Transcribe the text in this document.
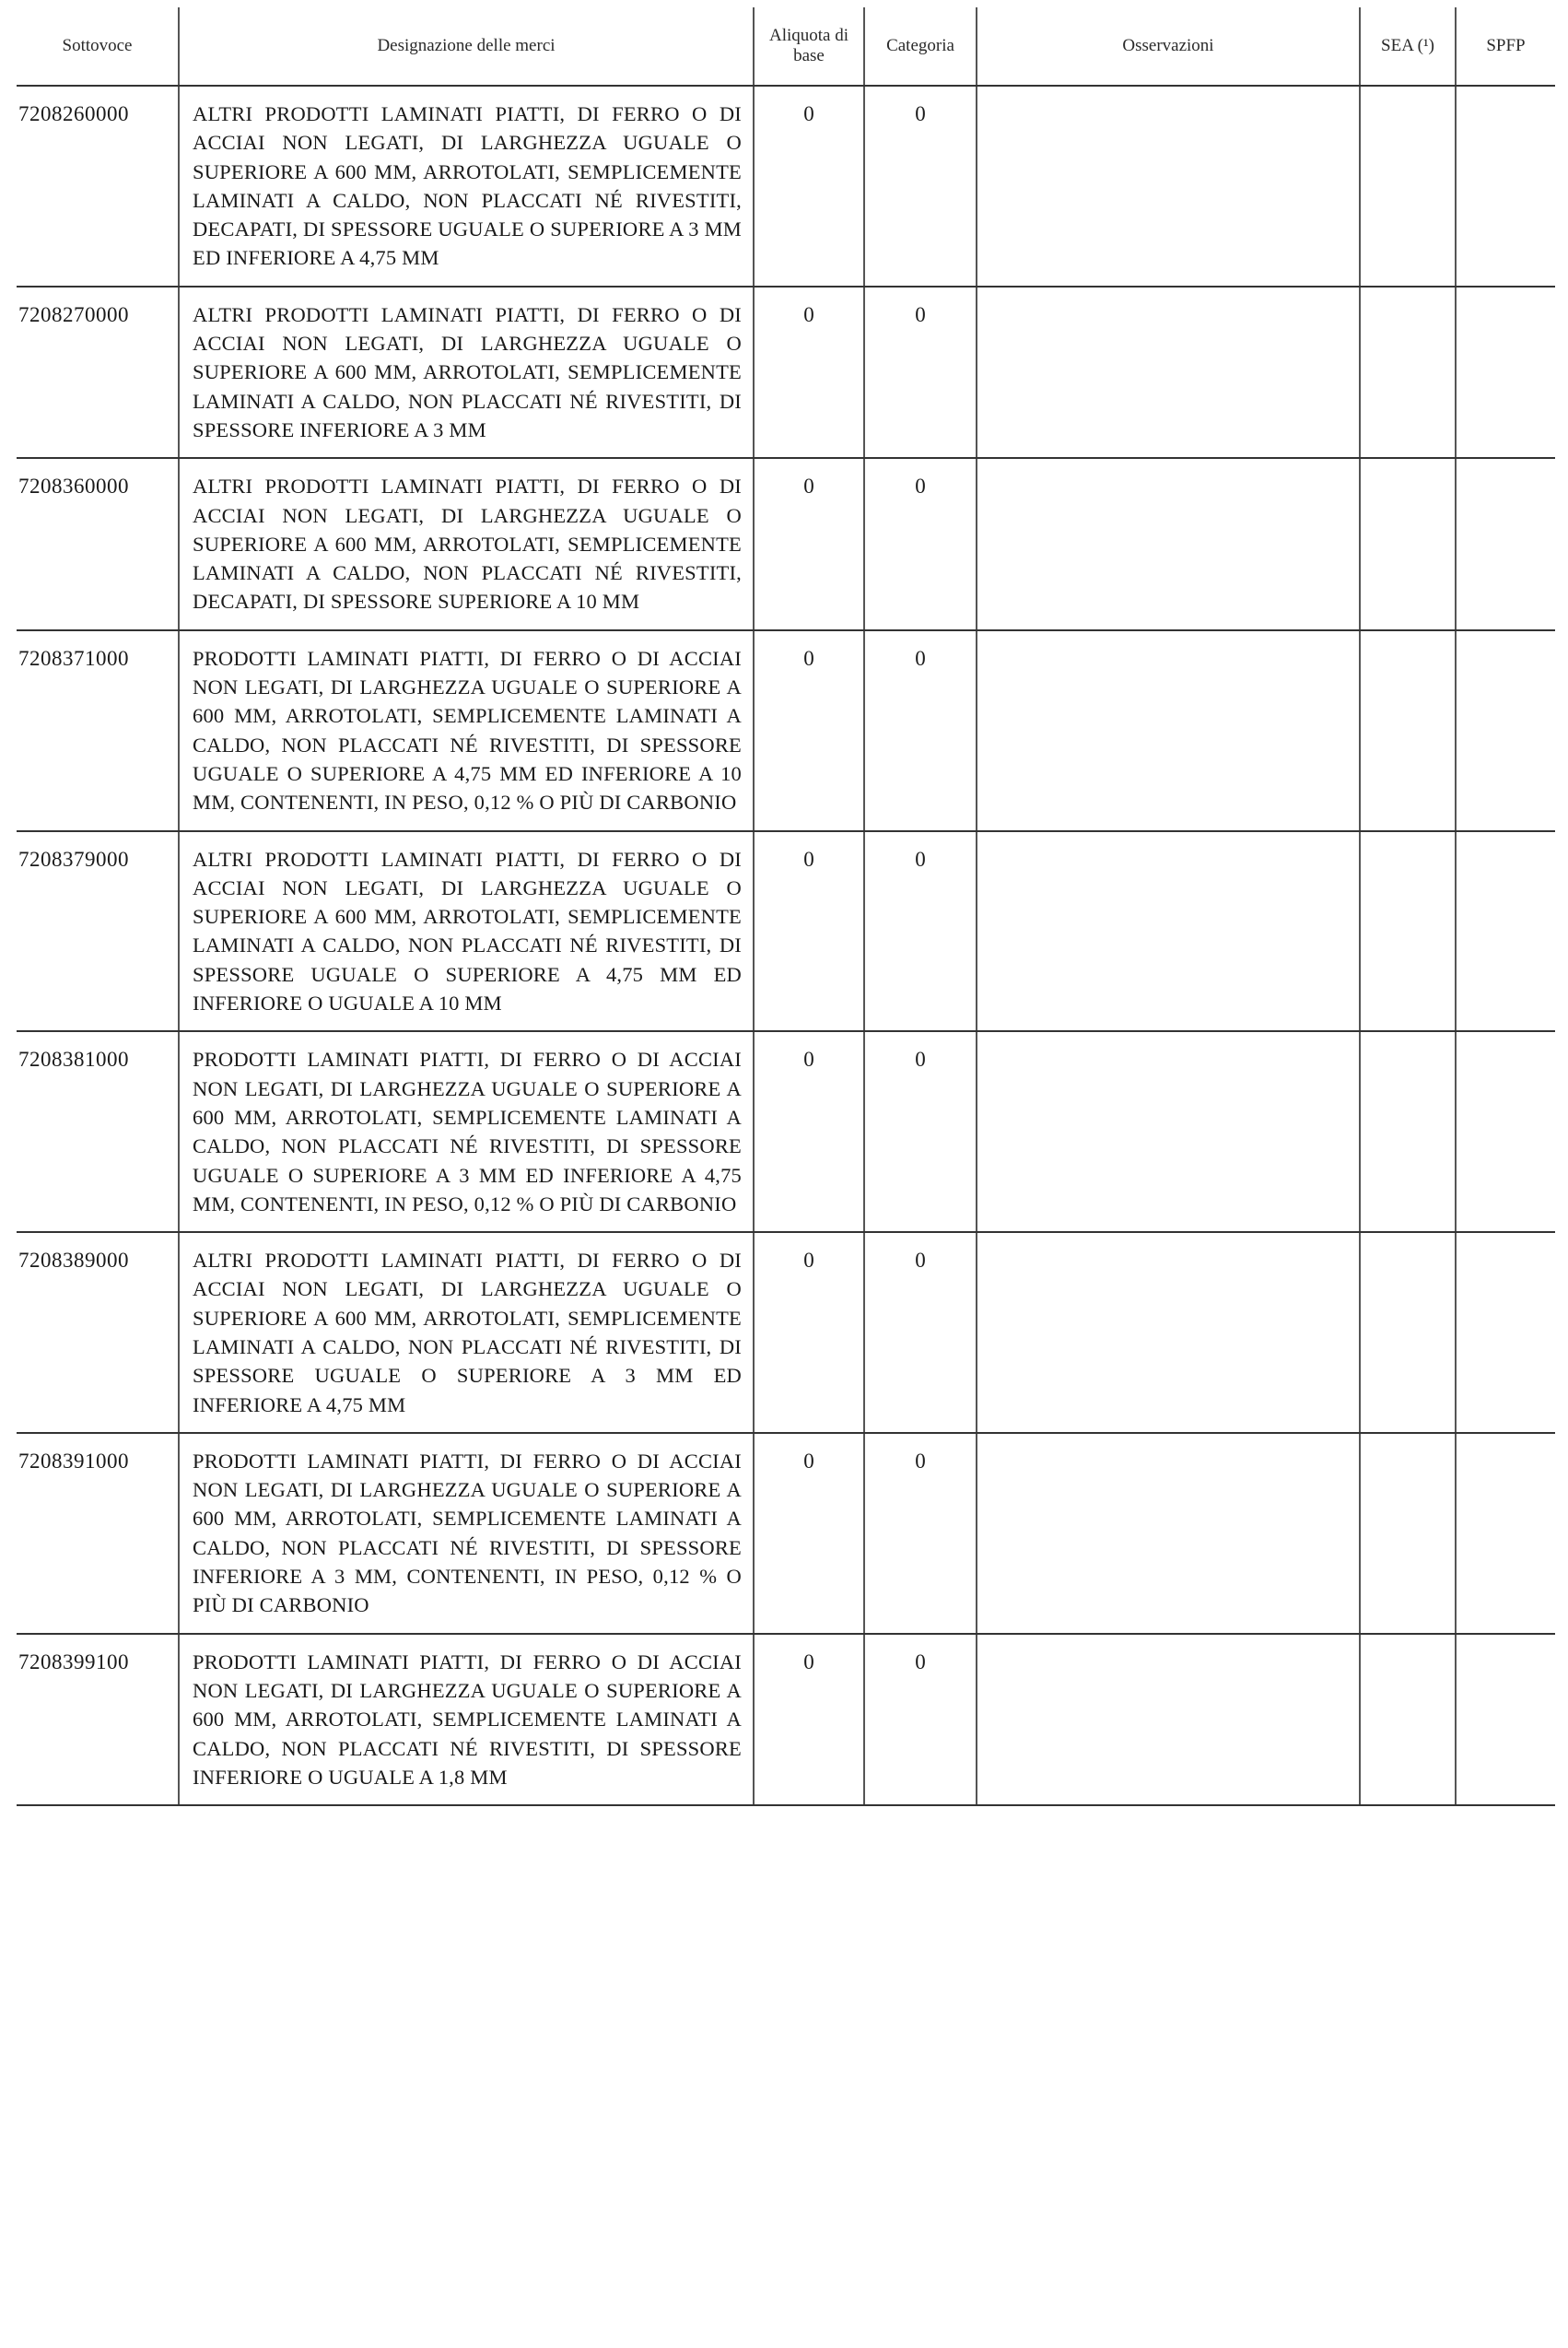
Sottovoce	Designazione delle merci	Aliquota di base	Categoria	Osservazioni	SEA (¹)	SPFP

7208260000	ALTRI PRODOTTI LAMINATI PIATTI, DI FERRO O DI ACCIAI NON LEGATI, DI LARGHEZZA UGUALE O SUPERIORE A 600 MM, ARROTOLATI, SEMPLICEMENTE LAMINATI A CALDO, NON PLACCATI NÉ RIVESTITI, DECAPATI, DI SPESSORE UGUALE O SUPERIORE A 3 MM ED INFERIORE A 4,75 MM	0	0			

7208270000	ALTRI PRODOTTI LAMINATI PIATTI, DI FERRO O DI ACCIAI NON LEGATI, DI LARGHEZZA UGUALE O SUPERIORE A 600 MM, ARROTOLATI, SEMPLICEMENTE LAMINATI A CALDO, NON PLACCATI NÉ RIVESTITI, DI SPESSORE INFERIORE A 3 MM	0	0			

7208360000	ALTRI PRODOTTI LAMINATI PIATTI, DI FERRO O DI ACCIAI NON LEGATI, DI LARGHEZZA UGUALE O SUPERIORE A 600 MM, ARROTOLATI, SEMPLICEMENTE LAMINATI A CALDO, NON PLACCATI NÉ RIVESTITI, DECAPATI, DI SPESSORE SUPERIORE A 10 MM	0	0			

7208371000	PRODOTTI LAMINATI PIATTI, DI FERRO O DI ACCIAI NON LEGATI, DI LARGHEZZA UGUALE O SUPERIORE A 600 MM, ARROTOLATI, SEMPLICEMENTE LAMINATI A CALDO, NON PLACCATI NÉ RIVESTITI, DI SPESSORE UGUALE O SUPERIORE A 4,75 MM ED INFERIORE A 10 MM, CONTENENTI, IN PESO, 0,12 % O PIÙ DI CARBONIO	0	0			

7208379000	ALTRI PRODOTTI LAMINATI PIATTI, DI FERRO O DI ACCIAI NON LEGATI, DI LARGHEZZA UGUALE O SUPERIORE A 600 MM, ARROTOLATI, SEMPLICEMENTE LAMINATI A CALDO, NON PLACCATI NÉ RIVESTITI, DI SPESSORE UGUALE O SUPERIORE A 4,75 MM ED INFERIORE O UGUALE A 10 MM	0	0			

7208381000	PRODOTTI LAMINATI PIATTI, DI FERRO O DI ACCIAI NON LEGATI, DI LARGHEZZA UGUALE O SUPERIORE A 600 MM, ARROTOLATI, SEMPLICEMENTE LAMINATI A CALDO, NON PLACCATI NÉ RIVESTITI, DI SPESSORE UGUALE O SUPERIORE A 3 MM ED INFERIORE A 4,75 MM, CONTENENTI, IN PESO, 0,12 % O PIÙ DI CARBONIO	0	0			

7208389000	ALTRI PRODOTTI LAMINATI PIATTI, DI FERRO O DI ACCIAI NON LEGATI, DI LARGHEZZA UGUALE O SUPERIORE A 600 MM, ARROTOLATI, SEMPLICEMENTE LAMINATI A CALDO, NON PLACCATI NÉ RIVESTITI, DI SPESSORE UGUALE O SUPERIORE A 3 MM ED INFERIORE A 4,75 MM	0	0			

7208391000	PRODOTTI LAMINATI PIATTI, DI FERRO O DI ACCIAI NON LEGATI, DI LARGHEZZA UGUALE O SUPERIORE A 600 MM, ARROTOLATI, SEMPLICEMENTE LAMINATI A CALDO, NON PLACCATI NÉ RIVESTITI, DI SPESSORE INFERIORE A 3 MM, CONTENENTI, IN PESO, 0,12 % O PIÙ DI CARBONIO	0	0			

7208399100	PRODOTTI LAMINATI PIATTI, DI FERRO O DI ACCIAI NON LEGATI, DI LARGHEZZA UGUALE O SUPERIORE A 600 MM, ARROTOLATI, SEMPLICEMENTE LAMINATI A CALDO, NON PLACCATI NÉ RIVESTITI, DI SPESSORE INFERIORE O UGUALE A 1,8 MM	0	0			
